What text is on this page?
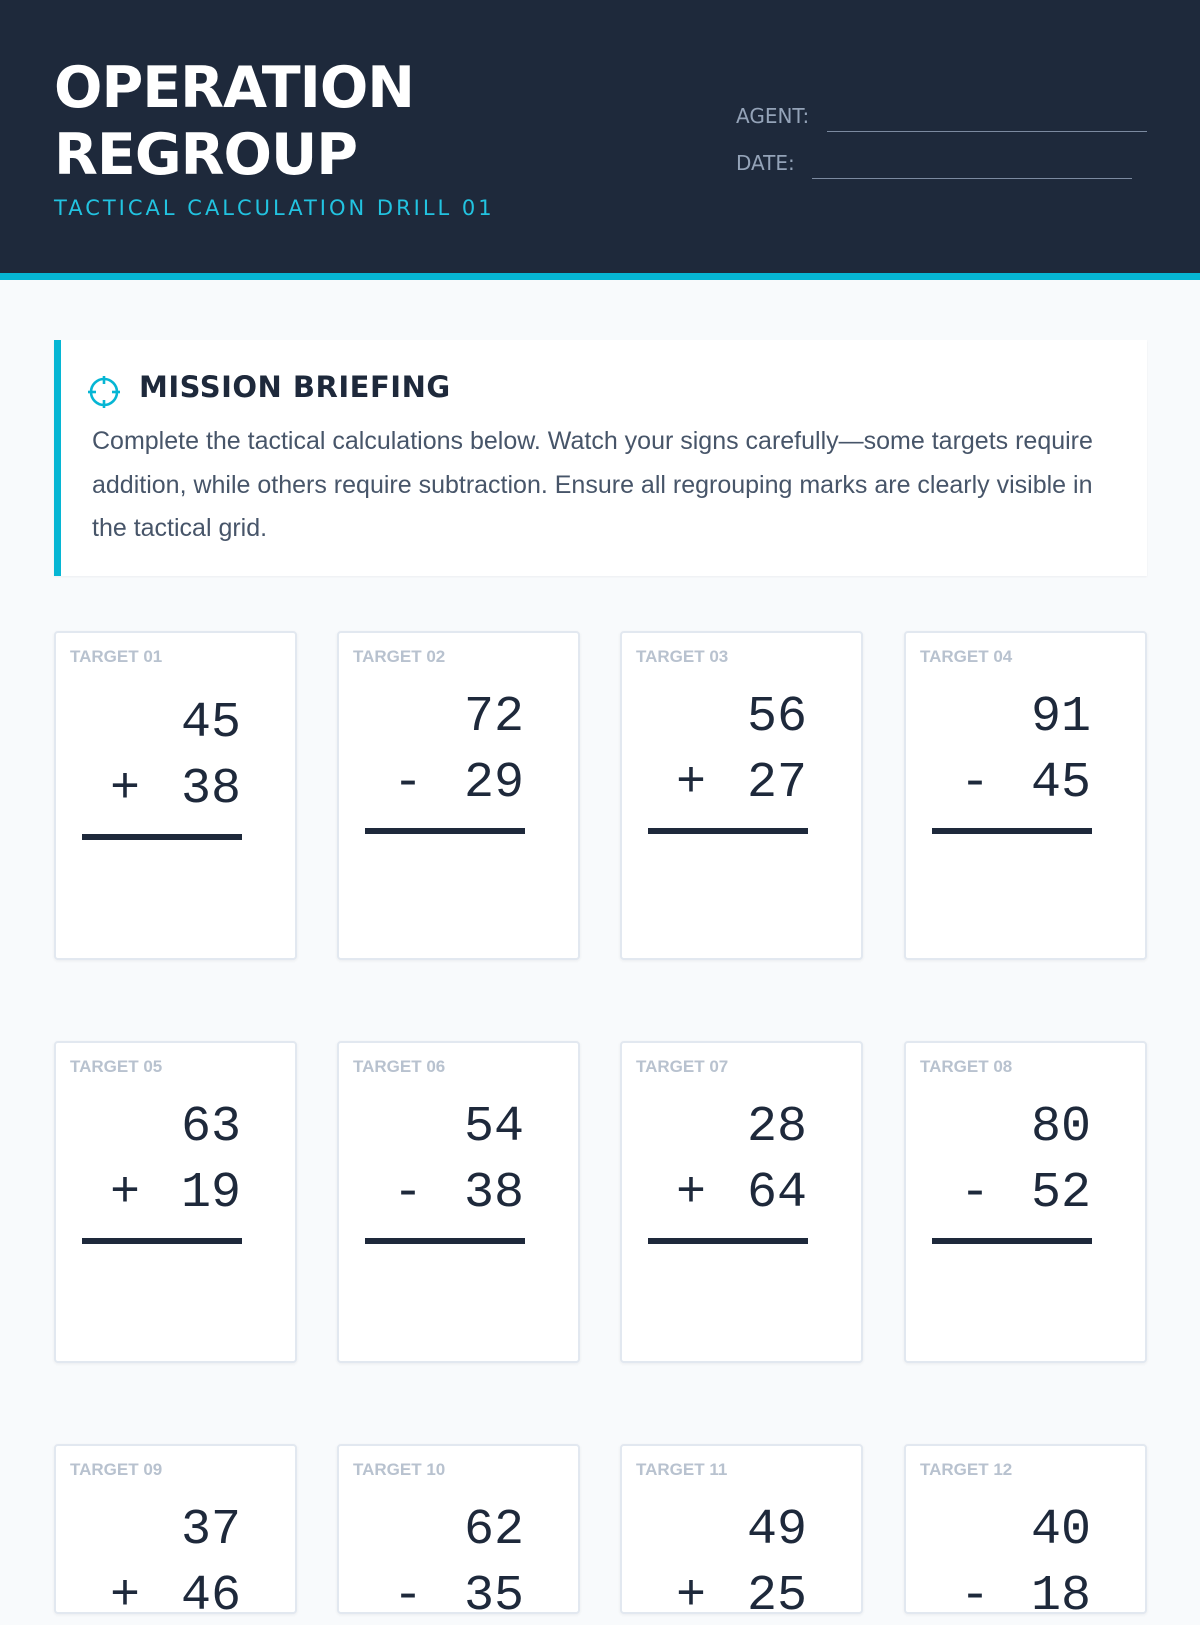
OPERATION
REGROUP
TACTICAL CALCULATION DRILL 01
AGENT:
DATE:
MISSION BRIEFING

Complete the tactical calculations below. Watch your signs carefully—some targets require addition, while others require subtraction. Ensure all regrouping marks are clearly visible in the tactical grid.

TARGET 01
45
+ 38
TARGET 02
72
- 29
TARGET 03
56
+ 27
TARGET 04
91
- 45
TARGET 05
63
+ 19
TARGET 06
54
- 38
TARGET 07
28
+ 64
TARGET 08
80
- 52
TARGET 09
37
+ 46
TARGET 10
62
- 35
TARGET 11
49
+ 25
TARGET 12
40
- 18
